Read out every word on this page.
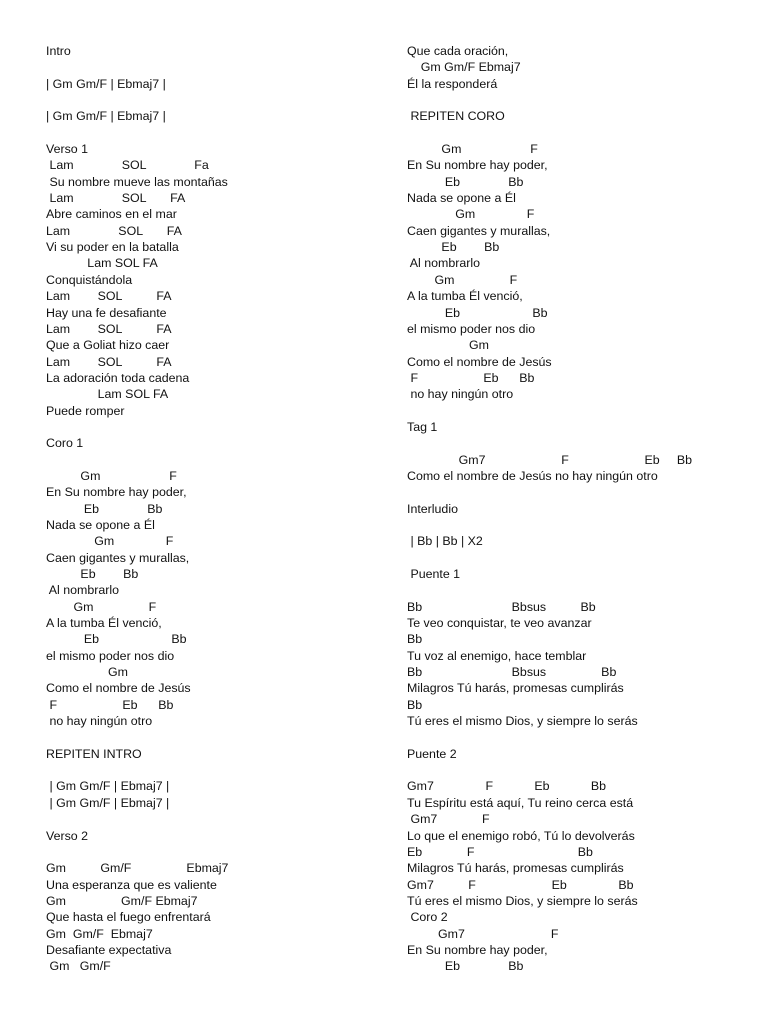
Intro
| Gm Gm/F | Ebmaj7 |
| Gm Gm/F | Ebmaj7 |
Verso 1
Lam              SOL              Fa
Su nombre mueve las montañas
Lam              SOL       FA
Abre caminos en el mar
Lam              SOL       FA
Vi su poder en la batalla
Lam SOL FA
Conquistándola
Lam        SOL          FA
Hay una fe desafiante
Lam        SOL          FA
Que a Goliat hizo caer
Lam        SOL          FA
La adoración toda cadena
Lam SOL FA
Puede romper
Coro 1
Gm                    F
En Su nombre hay poder,
Eb              Bb
Nada se opone a Él
Gm               F
Caen gigantes y murallas,
Eb        Bb
Al nombrarlo
Gm                F
A la tumba Él venció,
Eb                     Bb
el mismo poder nos dio
Gm
Como el nombre de Jesús
F                   Eb      Bb
no hay ningún otro
REPITEN INTRO
| Gm Gm/F | Ebmaj7 |
| Gm Gm/F | Ebmaj7 |
Verso 2
Gm          Gm/F                Ebmaj7
Una esperanza que es valiente
Gm                Gm/F Ebmaj7
Que hasta el fuego enfrentará
Gm  Gm/F  Ebmaj7
Desafiante expectativa
Gm   Gm/F
Que cada oración,
Gm Gm/F Ebmaj7
Él la responderá
REPITEN CORO
Gm                    F
En Su nombre hay poder,
Eb              Bb
Nada se opone a Él
Gm               F
Caen gigantes y murallas,
Eb        Bb
Al nombrarlo
Gm                F
A la tumba Él venció,
Eb                     Bb
el mismo poder nos dio
Gm
Como el nombre de Jesús
F                   Eb      Bb
no hay ningún otro
Tag 1
Gm7                      F                      Eb     Bb
Como el nombre de Jesús no hay ningún otro
Interludio
| Bb | Bb | X2
Puente 1
Bb                          Bbsus          Bb
Te veo conquistar, te veo avanzar
Bb
Tu voz al enemigo, hace temblar
Bb                          Bbsus                Bb
Milagros Tú harás, promesas cumplirás
Bb
Tú eres el mismo Dios, y siempre lo serás
Puente 2
Gm7               F            Eb            Bb
Tu Espíritu está aquí, Tu reino cerca está
Gm7             F
Lo que el enemigo robó, Tú lo devolverás
Eb             F                              Bb
Milagros Tú harás, promesas cumplirás
Gm7          F                      Eb               Bb
Tú eres el mismo Dios, y siempre lo serás
Coro 2
Gm7                         F
En Su nombre hay poder,
Eb              Bb
